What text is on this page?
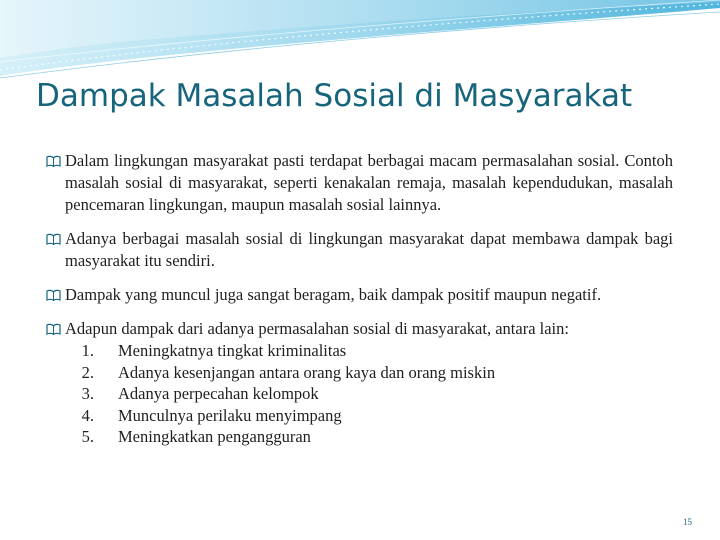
Dampak Masalah Sosial di Masyarakat
Dalam lingkungan masyarakat pasti terdapat berbagai macam permasalahan sosial. Contoh masalah sosial di masyarakat, seperti kenakalan remaja, masalah kependudukan, masalah pencemaran lingkungan, maupun masalah sosial lainnya.
Adanya berbagai masalah sosial di lingkungan masyarakat dapat membawa dampak bagi masyarakat itu sendiri.
Dampak yang muncul juga sangat beragam, baik dampak positif maupun negatif.
Adapun dampak dari adanya permasalahan sosial di masyarakat, antara lain:
1. Meningkatnya tingkat kriminalitas
2. Adanya kesenjangan antara orang kaya dan orang miskin
3. Adanya perpecahan kelompok
4. Munculnya perilaku menyimpang
5. Meningkatkan pengangguran
15
